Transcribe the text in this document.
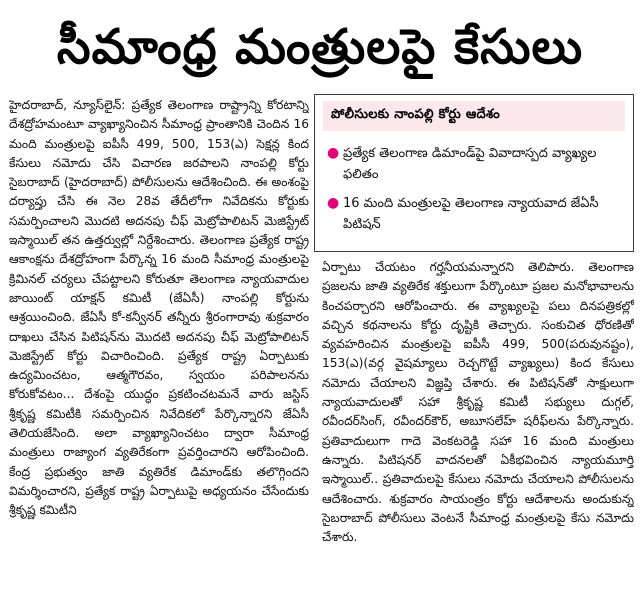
సీమాంధ్ర మంత్రులపై కేసులు

హైదరాబాద్, న్యూస్‌లైన్: ప్రత్యేక తెలంగాణ రాష్ట్రాన్ని కోరటాన్ని దేశద్రోహమంటూ వ్యాఖ్యానించిన సీమాంధ్ర ప్రాంతానికి చెందిన 16 మంది మంత్రులపై ఐపీసీ 499, 500, 153(ఎ) సెక్షన్ల కింద కేసులు నమోదు చేసి విచారణ జరపాలని నాంపల్లి కోర్టు సైబరాబాద్ (హైదరాబాద్) పోలీసులను ఆదేశించింది. ఈ అంశంపై దర్యాప్తు చేసి ఈ నెల 28వ తేదీలోగా నివేదికను కోర్టుకు సమర్పించాలని మొదటి అదనపు చీఫ్ మెట్రోపాలిటన్ మెజిస్ట్రేట్ ఇస్మాయిల్ తన ఉత్తర్వుల్లో నిర్దేశించారు. తెలంగాణ ప్రత్యేక రాష్ట్ర ఆకాంక్షను దేశద్రోహంగా పేర్కొన్న 16 మంది సీమాంధ్ర మంత్రులపై క్రిమినల్ చర్యలు చేపట్టాలని కోరుతూ తెలంగాణ న్యాయవాదుల జాయింట్ యాక్షన్ కమిటీ (జేఏసీ) నాంపల్లి కోర్టును ఆశ్రయించింది. జేఏసీ కో-కన్వీనర్ తన్నీరు శ్రీరంగారావు శుక్రవారం దాఖలు చేసిన పిటిషన్‌ను మొదటి అదనపు చీఫ్ మెట్రోపాలిటన్ మెజిస్ట్రేట్ కోర్టు విచారించింది. ప్రత్యేక రాష్ట్ర ఏర్పాటుకు ఉద్యమించటం, ఆత్మగౌరవం, స్వయం పరిపాలనను కోరుకోవటం... దేశంపై యుద్ధం ప్రకటించటమనే వారు జస్టిస్ శ్రీకృష్ణ కమిటీకి సమర్పించిన నివేదికలో పేర్కొన్నారని జేఏసీ తెలియజేసింది. అలా వ్యాఖ్యానించటం ద్వారా సీమాంధ్ర మంత్రులు రాజ్యాంగ వ్యతిరేకంగా ప్రవర్తించారని ఆరోపించింది. కేంద్ర ప్రభుత్వం జాతి వ్యతిరేక డిమాండ్‌కు తలొగ్గిందని విమర్శించారని, ప్రత్యేక రాష్ట్ర ఏర్పాటుపై అధ్యయనం చేసేందుకు శ్రీకృష్ణ కమిటీని

పోలీసులకు నాంపల్లి కోర్టు ఆదేశం
● ప్రత్యేక తెలంగాణ డిమాండ్‌పై వివాదాస్పద వ్యాఖ్యల ఫలితం
● 16 మంది మంత్రులపై తెలంగాణ న్యాయవాద జేఏసీ పిటిషన్

ఏర్పాటు చేయటం గర్హనీయమన్నారని తెలిపారు. తెలంగాణ ప్రజలను జాతి వ్యతిరేక శక్తులుగా పేర్కొంటూ ప్రజల మనోభావాలను కించపర్చారని ఆరోపించారు. ఈ వ్యాఖ్యలపై పలు దినపత్రికల్లో వచ్చిన కథనాలను కోర్టు దృష్టికి తెచ్చారు. సంకుచిత ధోరణితో వ్యవహరించిన మంత్రులపై ఐపీసీ 499, 500(పరువునష్టం), 153(ఎ)(వర్గ వైషమ్యాలు రెచ్చగొట్టే వ్యాఖ్యలు) కింద కేసులు నమోదు చేయాలని విజ్ఞప్తి చేశారు. ఈ పిటిషన్‌తో సాక్షులుగా న్యాయవాదులతో సహా శ్రీకృష్ణ కమిటీ సభ్యులు దుగ్గల్, రవీందర్‌సింగ్, రవీందర్‌కౌర్, అబూసలేహ్ షరీఫ్‌లను పేర్కొన్నారు. ప్రతివాదులుగా గాదె వెంకటరెడ్డి సహా 16 మంది మంత్రులు ఉన్నారు. పిటిషనర్ వాదనలతో ఏకీభవించిన న్యాయమూర్తి ఇస్మాయిల్.. ప్రతివాదులపై కేసులు నమోదు చేయాలని పోలీసులను ఆదేశించారు. శుక్రవారం సాయంత్రం కోర్టు ఆదేశాలను అందుకున్న సైబరాబాద్ పోలీసులు వెంటనే సీమాంధ్ర మంత్రులపై కేసు నమోదు చేశారు.
